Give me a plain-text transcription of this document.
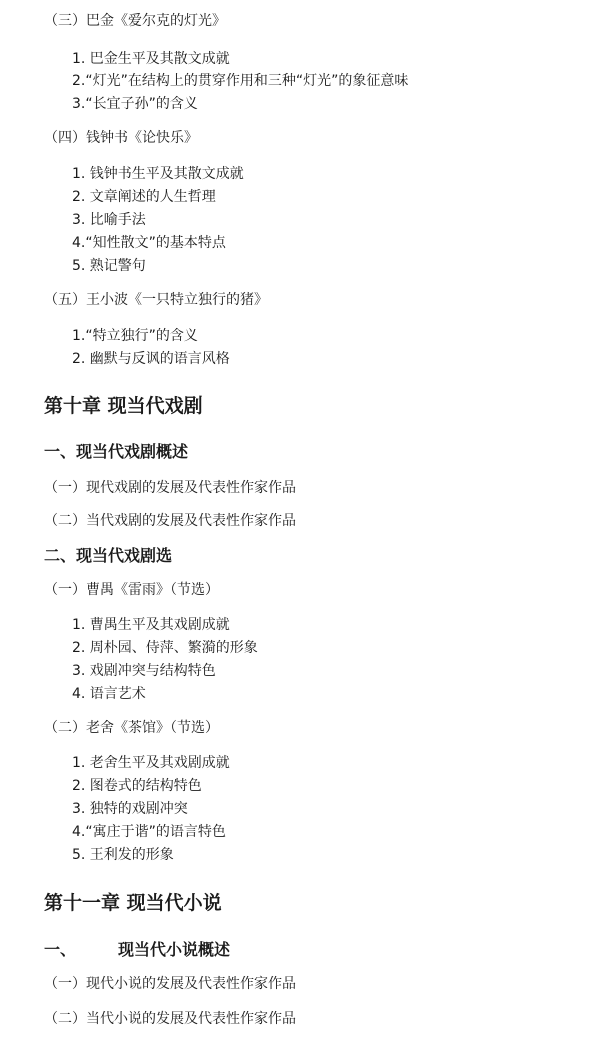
（三）巴金《爱尔克的灯光》
1. 巴金生平及其散文成就
2.“灯光”在结构上的贯穿作用和三种“灯光”的象征意味
3.“长宜子孙”的含义
（四）钱钟书《论快乐》
1. 钱钟书生平及其散文成就
2. 文章阐述的人生哲理
3. 比喻手法
4.“知性散文”的基本特点
5. 熟记警句
（五）王小波《一只特立独行的猪》
1.“特立独行”的含义
2. 幽默与反讽的语言风格
第十章 现当代戏剧
一、现当代戏剧概述
（一）现代戏剧的发展及代表性作家作品
（二）当代戏剧的发展及代表性作家作品
二、现当代戏剧选
（一）曹禺《雷雨》（节选）
1. 曹禺生平及其戏剧成就
2. 周朴园、侍萍、繁漪的形象
3. 戏剧冲突与结构特色
4. 语言艺术
（二）老舍《茶馆》（节选）
1. 老舍生平及其戏剧成就
2. 图卷式的结构特色
3. 独特的戏剧冲突
4.“寓庄于谐”的语言特色
5. 王利发的形象
第十一章 现当代小说
一、	现当代小说概述
（一）现代小说的发展及代表性作家作品
（二）当代小说的发展及代表性作家作品
